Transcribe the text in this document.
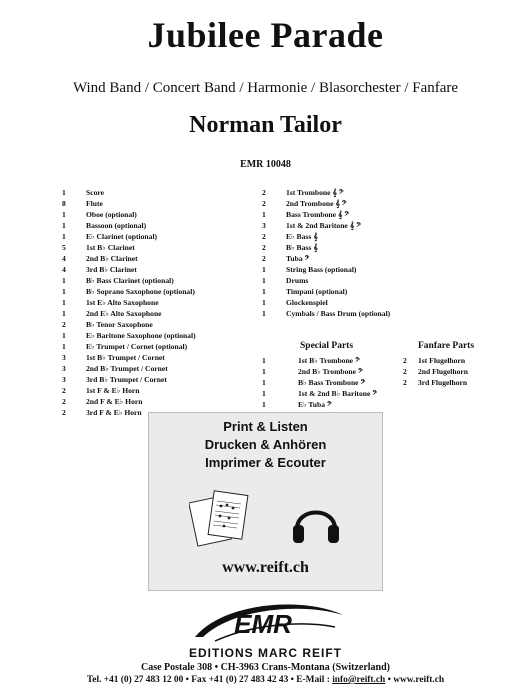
Jubilee Parade
Wind Band / Concert Band / Harmonie / Blasorchester / Fanfare
Norman Tailor
EMR 10048
1	Score
8	Flute
1	Oboe (optional)
1	Bassoon (optional)
1	E♭ Clarinet (optional)
5	1st B♭ Clarinet
4	2nd B♭ Clarinet
4	3rd B♭ Clarinet
1	B♭ Bass Clarinet (optional)
1	B♭ Soprano Saxophone (optional)
1	1st E♭ Alto Saxophone
1	2nd E♭ Alto Saxophone
2	B♭ Tenor Saxophone
1	E♭ Baritone Saxophone (optional)
1	E♭ Trumpet / Cornet (optional)
3	1st B♭ Trumpet / Cornet
3	2nd B♭ Trumpet / Cornet
3	3rd B♭ Trumpet / Cornet
2	1st F & E♭ Horn
2	2nd F & E♭ Horn
2	3rd F & E♭ Horn
2	1st Trombone 𝄞 𝄢
2	2nd Trombone 𝄞 𝄢
1	Bass Trombone 𝄞 𝄢
3	1st & 2nd Baritone 𝄞 𝄢
2	E♭ Bass 𝄞
2	B♭ Bass 𝄞
2	Tuba 𝄢
1	String Bass (optional)
1	Drums
1	Timpani (optional)
1	Glockenspiel
1	Cymbals / Bass Drum (optional)
Special Parts	Fanfare Parts
1	1st B♭ Trombone 𝄢
1	2nd B♭ Trombone 𝄢
1	B♭ Bass Trombone 𝄢
1	1st & 2nd B♭ Baritone 𝄢
1	E♭ Tuba 𝄢
2	1st Flugelhorn
2	2nd Flugelhorn
2	3rd Flugelhorn
Print & Listen
Drucken & Anhören
Imprimer & Ecouter
www.reift.ch
EMR
EDITIONS MARC REIFT
Case Postale 308 • CH-3963 Crans-Montana (Switzerland)
Tel. +41 (0) 27 483 12 00 • Fax +41 (0) 27 483 42 43 • E-Mail : info@reift.ch • www.reift.ch
